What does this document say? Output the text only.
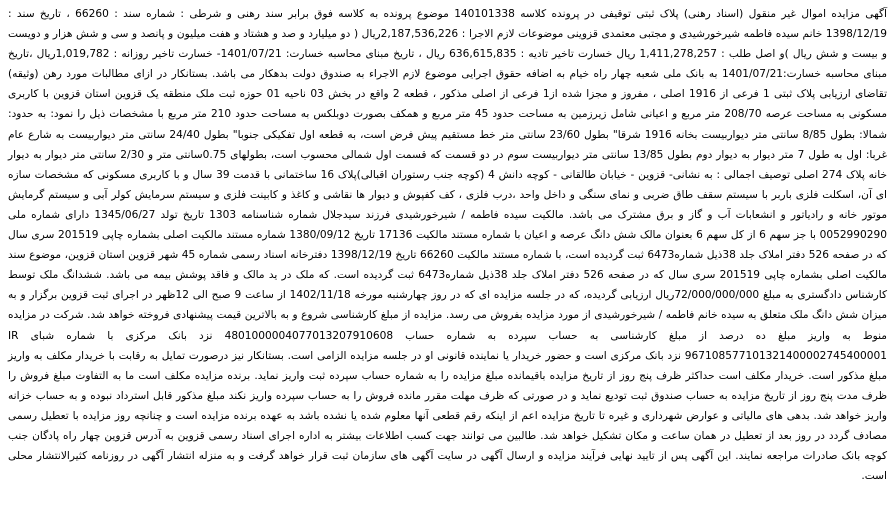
آگهی مزایده اموال غیر منقول (اسناد رهنی) پلاک ثبتی توقیفی در پرونده کلاسه 140101338 موضوع پرونده به کلاسه فوق برابر سند رهنی و شرطی : شماره سند : 66260 ، تاریخ سند : 1398/12/19 خانم سیده فاطمه شیرخورشیدی و مجتبی معتمدی قزوینی موضوعات لازم الاجرا : 2,187,536,226ریال ( دو میلیارد و صد و هشتاد و هفت میلیون و پانصد و سی و شش هزار و دویست و بیست و شش ریال )و اصل طلب : 1,411,278,257 ریال خسارت تاخیر تادیه : 636,615,835 ریال ، تاریخ مبنای محاسبه خسارت: 1401/07/21- خسارت تاخیر روزانه : 1,019,782ریال ،تاریخ مبنای محاسبه خسارت:1401/07/21 به بانک ملی شعبه چهار راه خیام به اضافه حقوق اجرایی موضوع لازم الاجراء به صندوق دولت بدهکار می باشد. بستانکار در ازای مطالبات مورد رهن (وثیقه) تقاضای ارزیابی پلاک ثبتی 1 فرعی از 1916 اصلی ، مفروز و مجزا شده از1 فرعی از اصلی مذکور ، قطعه 2 واقع در بخش 03 ناحیه 01 حوزه ثبت ملک منطقه یک قزوین استان قزوین با کاربری مسکونی به مساحت عرصه 208/70 متر مربع و اعیانی شامل زیرزمین به مساحت حدود 45 متر مربع و همکف بصورت دوبلکس به مساحت حدود 210 متر مربع با مشخصات ذیل را نمود: به حدود: شمالا: بطول 8/85 سانتی متر دیواربیست بخانه 1916 شرقا" بطول 23/60 سانتی متر خط مستقیم پیش فرض است، به قطعه اول تفکیکی جنوبا" بطول 24/40 سانتی متر دیواربیست به شارع عام غربا: اول به طول 7 متر دیوار به دیوار دوم بطول 13/85 سانتی متر دیواربیست سوم در دو قسمت که قسمت اول شمالی محسوب است، بطولهای 0.75سانتی متر و 2/30 سانتی متر دیوار به دیوار خانه پلاک 274 اصلی توصیف اجمالی : به نشانی- قزوین - خیابان طالقانی - کوچه دانش 4 (کوچه جنب رستوران اقبالی)پلاک 16 ساختمانی با قدمت 39 سال و با کاربری مسکونی که مشخصات سازه ای آن، اسکلت فلزی باربر با سیستم سقف طاق ضربی و نمای سنگی و داخل واحد ،درب فلزی ، کف کفپوش و دیوار ها نقاشی و کاغذ و کابینت فلزی و سیستم سرمایش کولر آبی و سیستم گرمایش موتور خانه و رادیاتور و انشعابات آب و گاز و برق مشترک می باشد. مالکیت سیده فاطمه / شیرخورشیدی فرزند سیدجلال شماره شناسنامه 1303 تاریخ تولد 1345/06/27 دارای شماره ملی 0052990290 با جز سهم 6 از کل سهم 6 بعنوان مالک شش دانگ عرصه و اعیان با شماره مستند مالکیت 17136 تاریخ 1380/09/12 شماره مستند مالکیت اصلی بشماره چاپی 201519 سری سال که در صفحه 526 دفتر املاک جلد 38ذیل شماره6473 ثبت گردیده است، با شماره مستند مالکیت 66260 تاریخ 1398/12/19 دفترخانه اسناد رسمی شماره 45 شهر قزوین استان قزوین، موضوع سند مالکیت اصلی بشماره چاپی 201519 سری سال که در صفحه 526 دفتر املاک جلد 38ذیل شماره6473 ثبت گردیده است. که ملک در ید مالک و فاقد پوشش بیمه می باشد. ششدانگ ملک توسط کارشناس دادگستری به مبلغ 72/000/000/000ریال ارزیابی گردیده، که در جلسه مزایده ای که در روز چهارشنبه مورخه 1402/11/18 از ساعت 9 صبح الی 12ظهر در اجرای ثبت قزوین برگزار و به میزان شش دانگ ملک متعلق به سیده خانم فاطمه / شیرخورشیدی از مورد مزایده بفروش می رسد. مزایده از مبلغ کارشناسی شروع و به بالاترین قیمت پیشنهادی فروخته خواهد شد. شرکت در مزایده منوط به واریز مبلغ ده درصد از مبلغ کارشناسی به حساب سپرده به شماره حساب 4801000004077013207910608 نزد بانک مرکزی با شماره شبای IR 967108577101321400002745400001 نزد بانک مرکزی است و حضور خریدار یا نماینده قانونی او در جلسه مزایده الزامی است. بستانکار نیز درصورت تمایل به رقابت با خریدار مکلف به واریز مبلغ مذکور است. خریدار مکلف است حداکثر ظرف پنج روز از تاریخ مزایده باقیمانده مبلغ مزایده را به شماره حساب سپرده ثبت واریز نماید. برنده مزایده مکلف است ما به التفاوت مبلغ فروش را ظرف مدت پنج روز از تاریخ مزایده به حساب صندوق ثبت تودیع نماید و در صورتی که ظرف مهلت مقرر مانده فروش را به حساب سپرده واریز نکند مبلغ مذکور قابل استرداد نبوده و به حساب خزانه واریز خواهد شد. بدهی های مالیاتی و عوارض شهرداری و غیره تا تاریخ مزایده اعم از اینکه رقم قطعی آنها معلوم شده یا نشده باشد به عهده برنده مزایده است و چنانچه روز مزایده با تعطیل رسمی مصادف گردد در روز بعد از تعطیل در همان ساعت و مکان تشکیل خواهد شد. طالبین می توانند جهت کسب اطلاعات بیشتر به اداره اجرای اسناد رسمی قزوین به آدرس قزوین چهار راه پادگان جنب کوچه بانک صادرات مراجعه نمایند. این آگهی پس از تایید نهایی فرآیند مزایده و ارسال آگهی در سایت آگهی های سازمان ثبت قرار خواهد گرفت و به منزله انتشار آگهی در روزنامه کثیرالانتشار محلی است.
